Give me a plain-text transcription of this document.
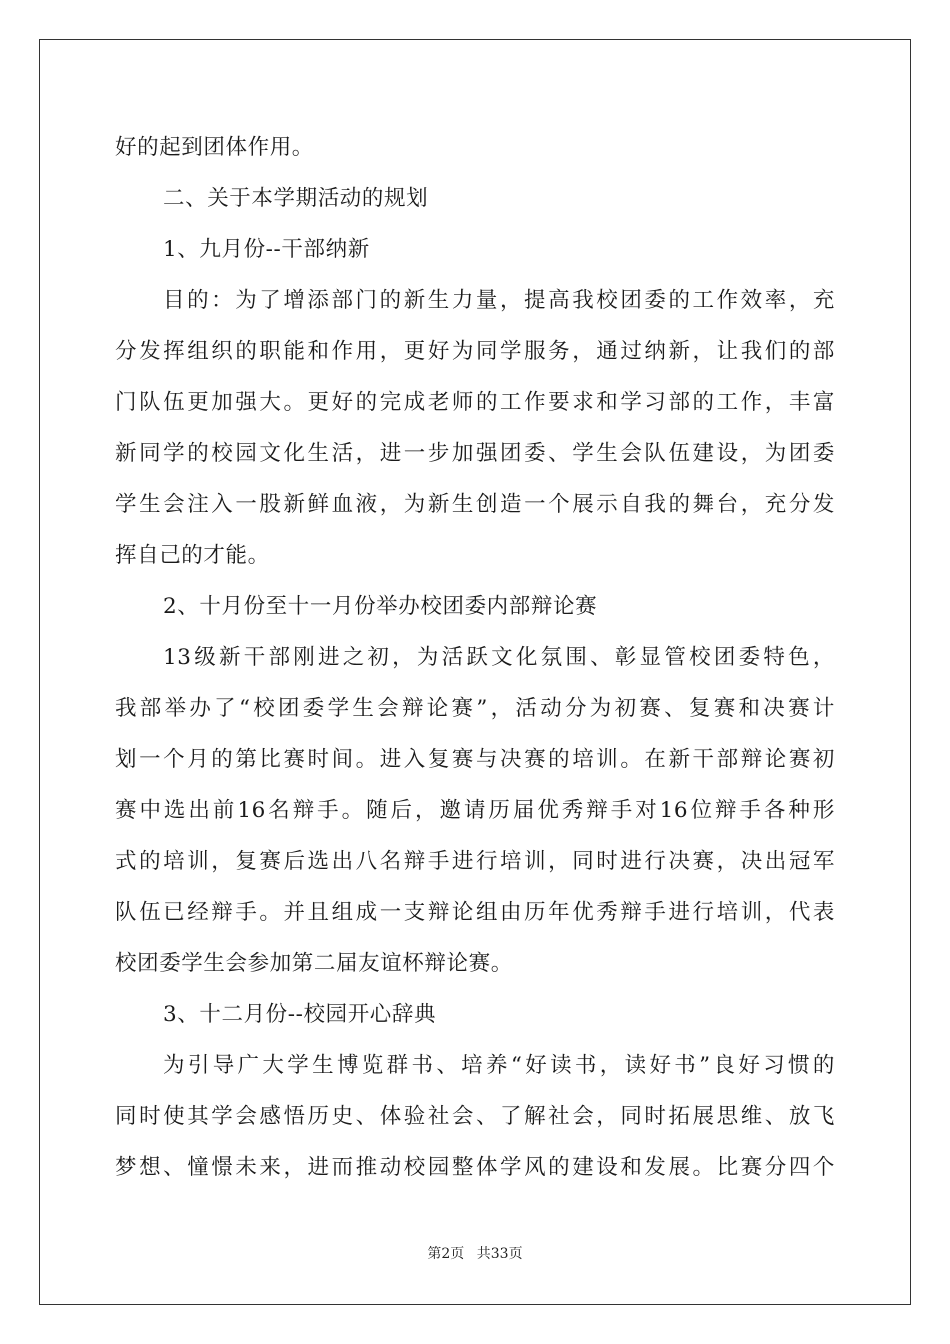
好的起到团体作用。
二、关于本学期活动的规划
1、九月份--干部纳新
目的：为了增添部门的新生力量，提高我校团委的工作效率，充
分发挥组织的职能和作用，更好为同学服务，通过纳新，让我们的部
门队伍更加强大。更好的完成老师的工作要求和学习部的工作，丰富
新同学的校园文化生活，进一步加强团委、学生会队伍建设，为团委
学生会注入一股新鲜血液，为新生创造一个展示自我的舞台，充分发
挥自己的才能。
2、十月份至十一月份举办校团委内部辩论赛
13级新干部刚进之初，为活跃文化氛围、彰显管校团委特色，
我部举办了“校团委学生会辩论赛”，活动分为初赛、复赛和决赛计
划一个月的第比赛时间。进入复赛与决赛的培训。在新干部辩论赛初
赛中选出前16名辩手。随后，邀请历届优秀辩手对16位辩手各种形
式的培训，复赛后选出八名辩手进行培训，同时进行决赛，决出冠军
队伍已经辩手。并且组成一支辩论组由历年优秀辩手进行培训，代表
校团委学生会参加第二届友谊杯辩论赛。
3、十二月份--校园开心辞典
为引导广大学生博览群书、培养“好读书，读好书”良好习惯的
同时使其学会感悟历史、体验社会、了解社会，同时拓展思维、放飞
梦想、憧憬未来，进而推动校园整体学风的建设和发展。比赛分四个
第2页 共33页
